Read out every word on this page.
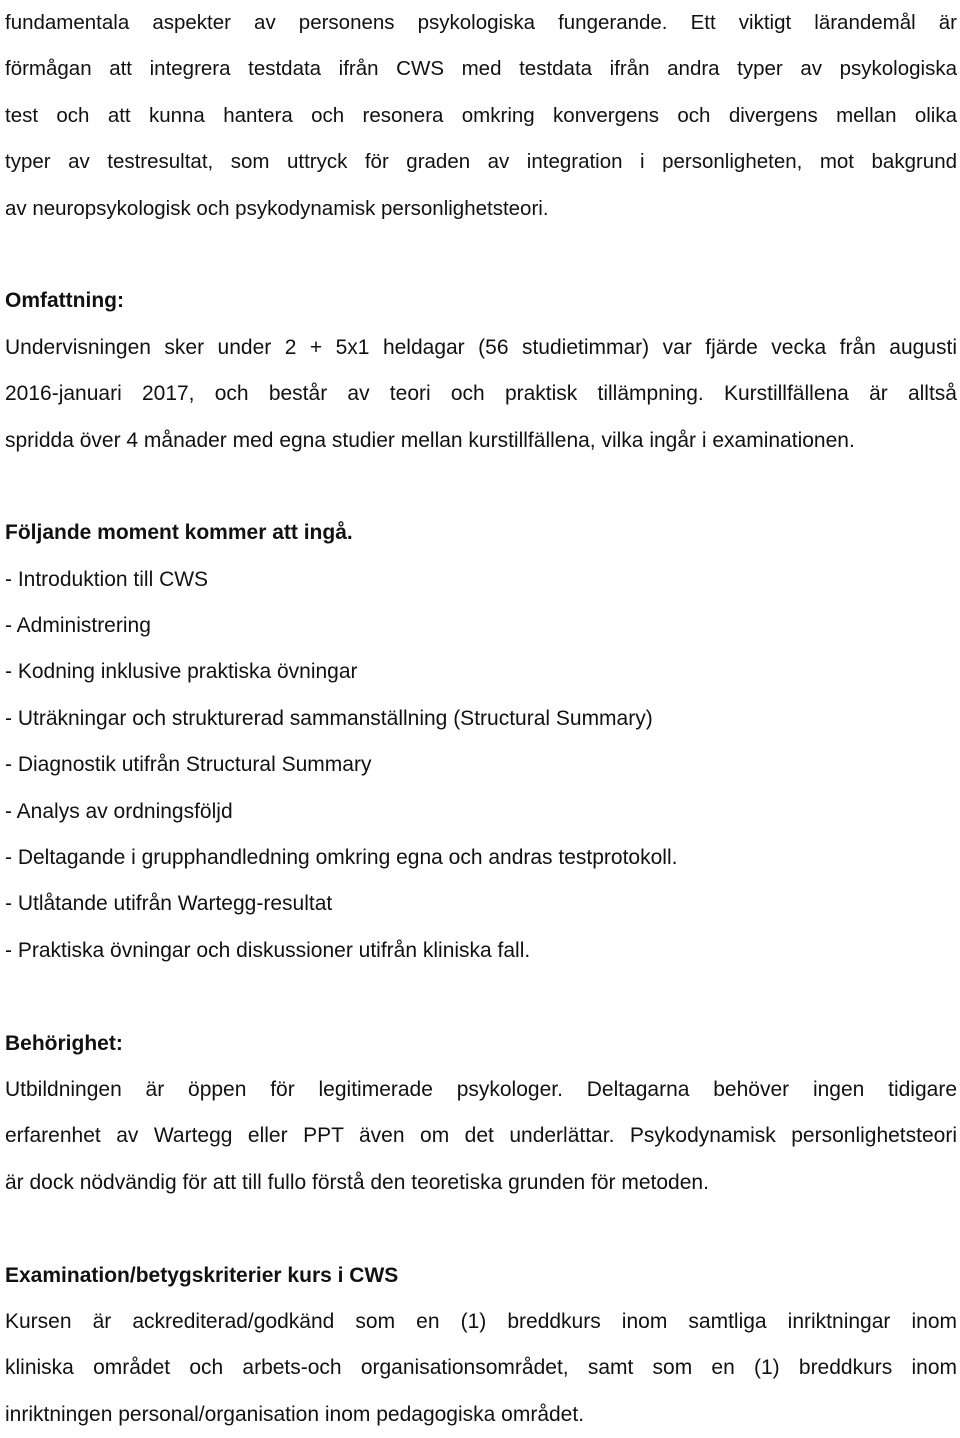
fundamentala aspekter av personens psykologiska fungerande. Ett viktigt lärandemål är
förmågan att integrera testdata ifrån CWS med testdata ifrån andra typer av psykologiska
test och att kunna hantera och resonera omkring konvergens och divergens mellan olika
typer av testresultat, som uttryck för graden av integration i personligheten, mot bakgrund
av neuropsykologisk och psykodynamisk personlighetsteori.
Omfattning:
Undervisningen sker under 2 + 5x1 heldagar (56 studietimmar) var fjärde vecka från augusti
2016-januari 2017, och består av teori och praktisk tillämpning. Kurstillfällena är alltså
spridda över 4 månader med egna studier mellan kurstillfällena, vilka ingår i examinationen.
Följande moment kommer att ingå.
- Introduktion till CWS
- Administrering
- Kodning inklusive praktiska övningar
- Uträkningar och strukturerad sammanställning (Structural Summary)
- Diagnostik utifrån Structural Summary
- Analys av ordningsföljd
- Deltagande i grupphandledning omkring egna och andras testprotokoll.
- Utlåtande utifrån Wartegg-resultat
- Praktiska övningar och diskussioner utifrån kliniska fall.
Behörighet:
Utbildningen är öppen för legitimerade psykologer. Deltagarna behöver ingen tidigare
erfarenhet av Wartegg eller PPT även om det underlättar. Psykodynamisk personlighetsteori
är dock nödvändig för att till fullo förstå den teoretiska grunden för metoden.
Examination/betygskriterier kurs i CWS
Kursen är ackrediterad/godkänd som en (1) breddkurs inom samtliga inriktningar inom
kliniska området och arbets-och organisationsområdet, samt som en (1) breddkurs inom
inriktningen personal/organisation inom pedagogiska området.
